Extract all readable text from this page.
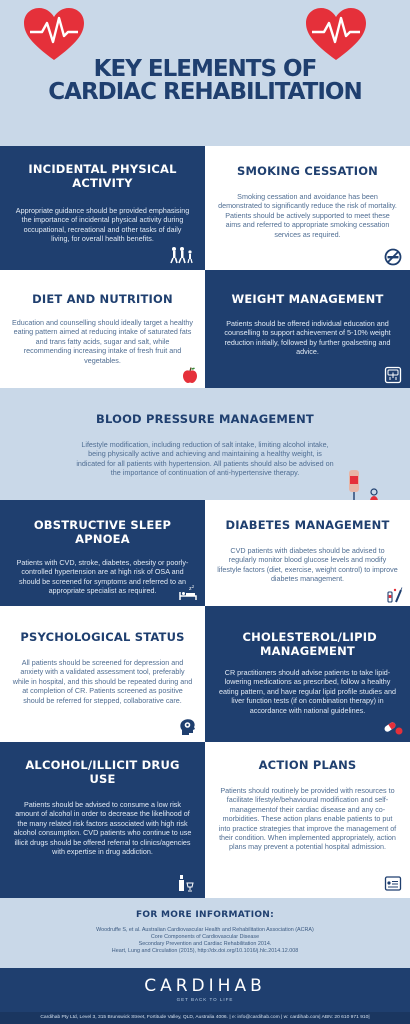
KEY ELEMENTS OF
CARDIAC REHABILITATION
INCIDENTAL PHYSICAL ACTIVITY
Appropriate guidance should be provided emphasising the importance of incidental physical activity during occupational, recreational and other tasks of daily living, for overall health benefits.
SMOKING CESSATION
Smoking cessation and avoidance has been demonstrated to significantly reduce the risk of mortality. Patients should be actively supported to meet these aims and referred to appropriate smoking cessation services as required.
DIET AND NUTRITION
Education and counselling should ideally target a healthy eating pattern aimed at reducing intake of saturated fats and trans fatty acids, sugar and salt, while recommending increasing intake of fresh fruit and vegetables.
WEIGHT MANAGEMENT
Patients should be offered individual education and counselling to support achievement of 5-10% weight reduction initially, followed by further goalsetting and advice.
BLOOD PRESSURE MANAGEMENT
Lifestyle modification, including reduction of salt intake, limiting alcohol intake, being physically active and achieving and maintaining a healthy weight, is indicated for all patients with hypertension. All patients should also be advised on the importance of continuation of anti-hypertensive therapy.
OBSTRUCTIVE SLEEP APNOEA
Patients with CVD, stroke, diabetes, obesity or poorly-controlled hypertension are at high risk of OSA and should be screened for symptoms and referred to an appropriate specialist as required.	z z
DIABETES MANAGEMENT
CVD patients with diabetes should be advised to regularly monitor blood glucose levels and modify lifestyle factors (diet, exercise, weight control) to improve diabetes management.
PSYCHOLOGICAL STATUS
All patients should be screened for depression and anxiety with a validated assessment tool, preferably while in hospital, and this should be repeated during and at completion of CR. Patients screened as positive should be referred for stepped, collaborative care.
CHOLESTEROL/LIPID MANAGEMENT
CR practitioners should advise patients to take lipid-lowering medications as prescribed, follow a healthy eating pattern, and have regular lipid profile studies and liver function tests (if on combination therapy) in accordance with national guidelines.
ALCOHOL/ILLICIT DRUG USE
Patients should be advised to consume a low risk amount of alcohol in order to decrease the likelihood of the many related risk factors associated with high risk alcohol consumption. CVD patients who continue to use illicit drugs should be offered referral to clinics/agencies with expertise in drug addiction.
ACTION PLANS
Patients should routinely be provided with resources to facilitate lifestyle/behavioural modification and self-managementof their cardiac disease and any co-morbidities. These action plans enable patients to put into practice strategies that improve the management of their condition. When implemented appropriately, action plans may prevent a potential hospital admission.
FOR MORE INFORMATION:
Woodruffe S, et al. Australian Cardiovascular Health and Rehabilitation Association (ACRA)
Core Components of Cardiovascular Disease
Secondary Prevention and Cardiac Rehabilitation 2014.
Heart, Lung and Circulation (2015), http://dx.doi.org/10.1016/j.hlc.2014.12.008
CARDIHAB
GET BACK TO LIFE
Cardihab Pty Ltd, Level 3, 315 Brunswick Street, Fortitude Valley, QLD, Australia 4006. | e: info@cardihab.com | w: cardihab.com| ABN: 20 610 971 910|
